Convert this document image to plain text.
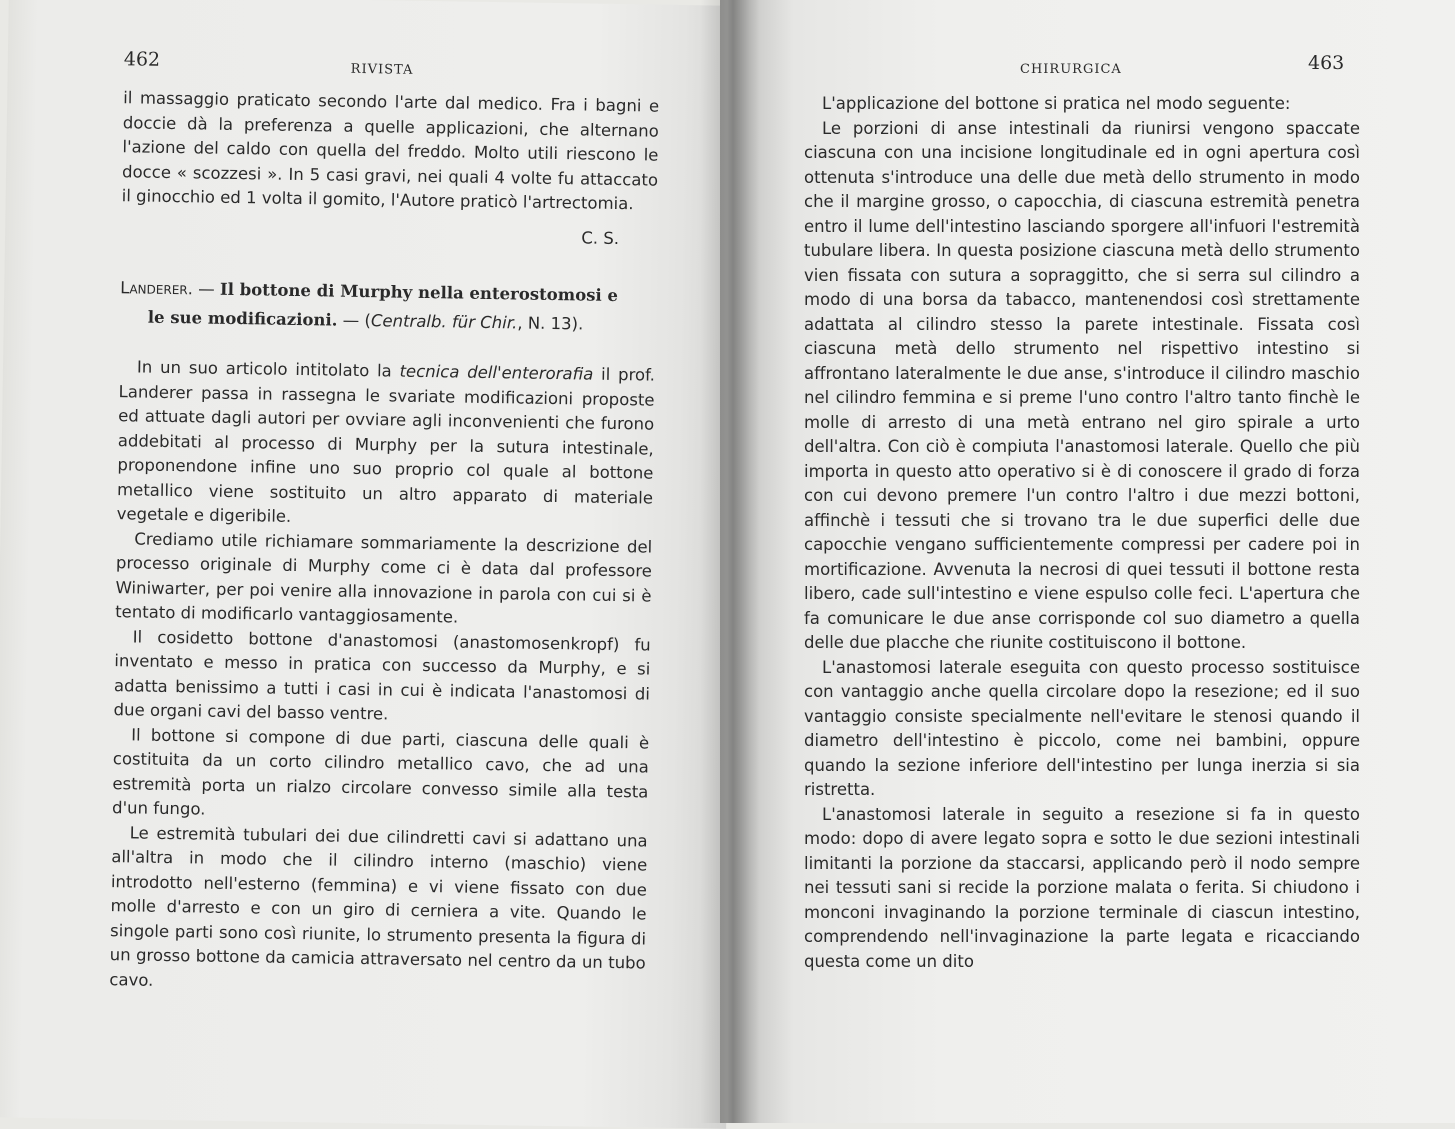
462	RIVISTA

il massaggio praticato secondo l'arte dal medico. Fra i bagni e doccie dà la preferenza a quelle applicazioni, che alternano l'azione del caldo con quella del freddo. Molto utili riescono le docce « scozzesi ». In 5 casi gravi, nei quali 4 volte fu attaccato il ginocchio ed 1 volta il gomito, l'Autore praticò l'artrectomia.

C. S.

Landerer. — Il bottone di Murphy nella enterostomosi e
le sue modificazioni. — (Centralb. für Chir., N. 13).

In un suo articolo intitolato la tecnica dell'enterorafia il prof. Landerer passa in rassegna le svariate modificazioni proposte ed attuate dagli autori per ovviare agli inconvenienti che furono addebitati al processo di Murphy per la sutura intestinale, proponendone infine uno suo proprio col quale al bottone metallico viene sostituito un altro apparato di materiale vegetale e digeribile.

Crediamo utile richiamare sommariamente la descrizione del processo originale di Murphy come ci è data dal professore Winiwarter, per poi venire alla innovazione in parola con cui si è tentato di modificarlo vantaggiosamente.

Il cosidetto bottone d'anastomosi (anastomosenkropf) fu inventato e messo in pratica con successo da Murphy, e si adatta benissimo a tutti i casi in cui è indicata l'anastomosi di due organi cavi del basso ventre.

Il bottone si compone di due parti, ciascuna delle quali è costituita da un corto cilindro metallico cavo, che ad una estremità porta un rialzo circolare convesso simile alla testa d'un fungo.

Le estremità tubulari dei due cilindretti cavi si adattano una all'altra in modo che il cilindro interno (maschio) viene introdotto nell'esterno (femmina) e vi viene fissato con due molle d'arresto e con un giro di cerniera a vite. Quando le singole parti sono così riunite, lo strumento presenta la figura di un grosso bottone da camicia attraversato nel centro da un tubo cavo.

CHIRURGICA	463

L'applicazione del bottone si pratica nel modo seguente:

Le porzioni di anse intestinali da riunirsi vengono spaccate ciascuna con una incisione longitudinale ed in ogni apertura così ottenuta s'introduce una delle due metà dello strumento in modo che il margine grosso, o capocchia, di ciascuna estremità penetra entro il lume dell'intestino lasciando sporgere all'infuori l'estremità tubulare libera. In questa posizione ciascuna metà dello strumento vien fissata con sutura a sopraggitto, che si serra sul cilindro a modo di una borsa da tabacco, mantenendosi così strettamente adattata al cilindro stesso la parete intestinale. Fissata così ciascuna metà dello strumento nel rispettivo intestino si affrontano lateralmente le due anse, s'introduce il cilindro maschio nel cilindro femmina e si preme l'uno contro l'altro tanto finchè le molle di arresto di una metà entrano nel giro spirale a urto dell'altra. Con ciò è compiuta l'anastomosi laterale. Quello che più importa in questo atto operativo si è di conoscere il grado di forza con cui devono premere l'un contro l'altro i due mezzi bottoni, affinchè i tessuti che si trovano tra le due superfici delle due capocchie vengano sufficientemente compressi per cadere poi in mortificazione. Avvenuta la necrosi di quei tessuti il bottone resta libero, cade sull'intestino e viene espulso colle feci. L'apertura che fa comunicare le due anse corrisponde col suo diametro a quella delle due placche che riunite costituiscono il bottone.

L'anastomosi laterale eseguita con questo processo sostituisce con vantaggio anche quella circolare dopo la resezione; ed il suo vantaggio consiste specialmente nell'evitare le stenosi quando il diametro dell'intestino è piccolo, come nei bambini, oppure quando la sezione inferiore dell'intestino per lunga inerzia si sia ristretta.

L'anastomosi laterale in seguito a resezione si fa in questo modo: dopo di avere legato sopra e sotto le due sezioni intestinali limitanti la porzione da staccarsi, applicando però il nodo sempre nei tessuti sani si recide la porzione malata o ferita. Si chiudono i monconi invaginando la porzione terminale di ciascun intestino, comprendendo nell'invaginazione la parte legata e ricacciando questa come un dito
